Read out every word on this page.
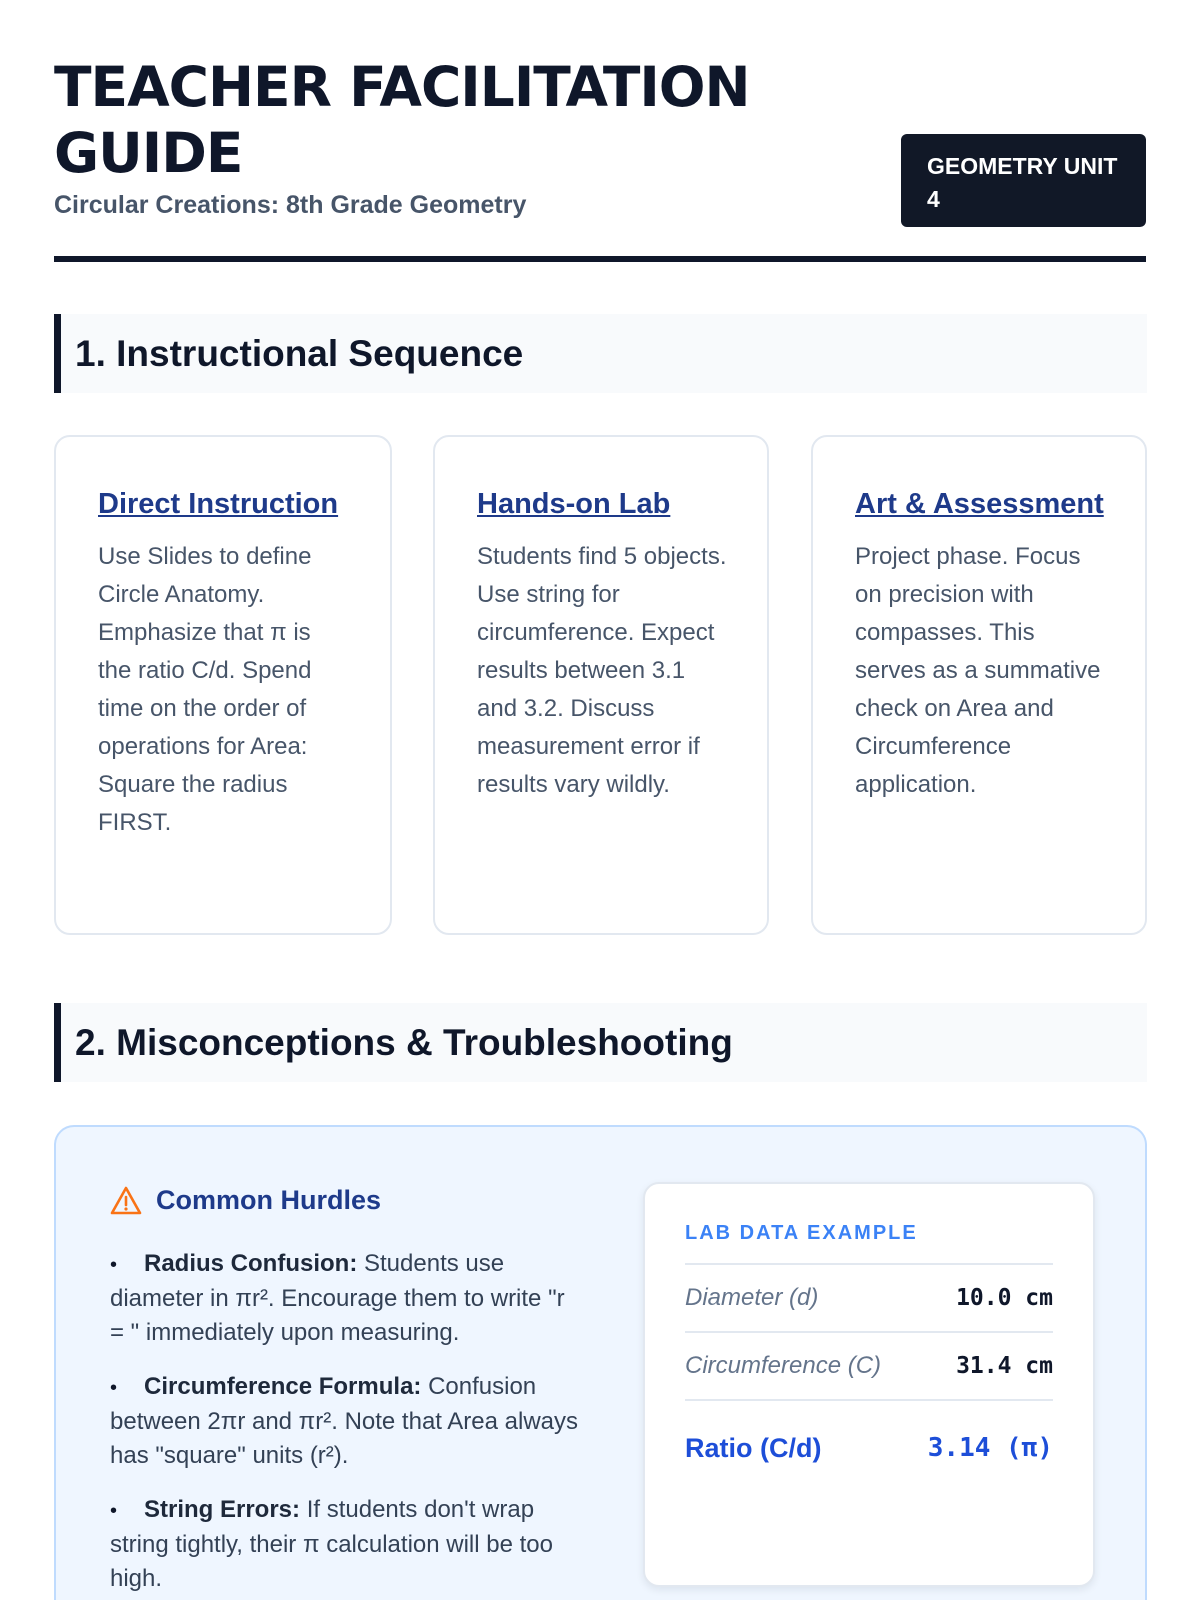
TEACHER FACILITATION GUIDE
Circular Creations: 8th Grade Geometry
GEOMETRY UNIT 4
1. Instructional Sequence
Direct Instruction

Use Slides to define Circle Anatomy. Emphasize that π is the ratio C/d. Spend time on the order of operations for Area: Square the radius FIRST.

Hands-on Lab

Students find 5 objects. Use string for circumference. Expect results between 3.1 and 3.2. Discuss measurement error if results vary wildly.

Art & Assessment

Project phase. Focus on precision with compasses. This serves as a summative check on Area and Circumference application.

2. Misconceptions & Troubleshooting
Common Hurdles
• Radius Confusion: Students use diameter in πr². Encourage them to write "r = " immediately upon measuring.
• Circumference Formula: Confusion between 2πr and πr². Note that Area always has "square" units (r²).
• String Errors: If students don't wrap string tightly, their π calculation will be too high.
LAB DATA EXAMPLE
Diameter (d)	10.0 cm
Circumference (C)	31.4 cm
Ratio (C/d)	3.14 (π)
